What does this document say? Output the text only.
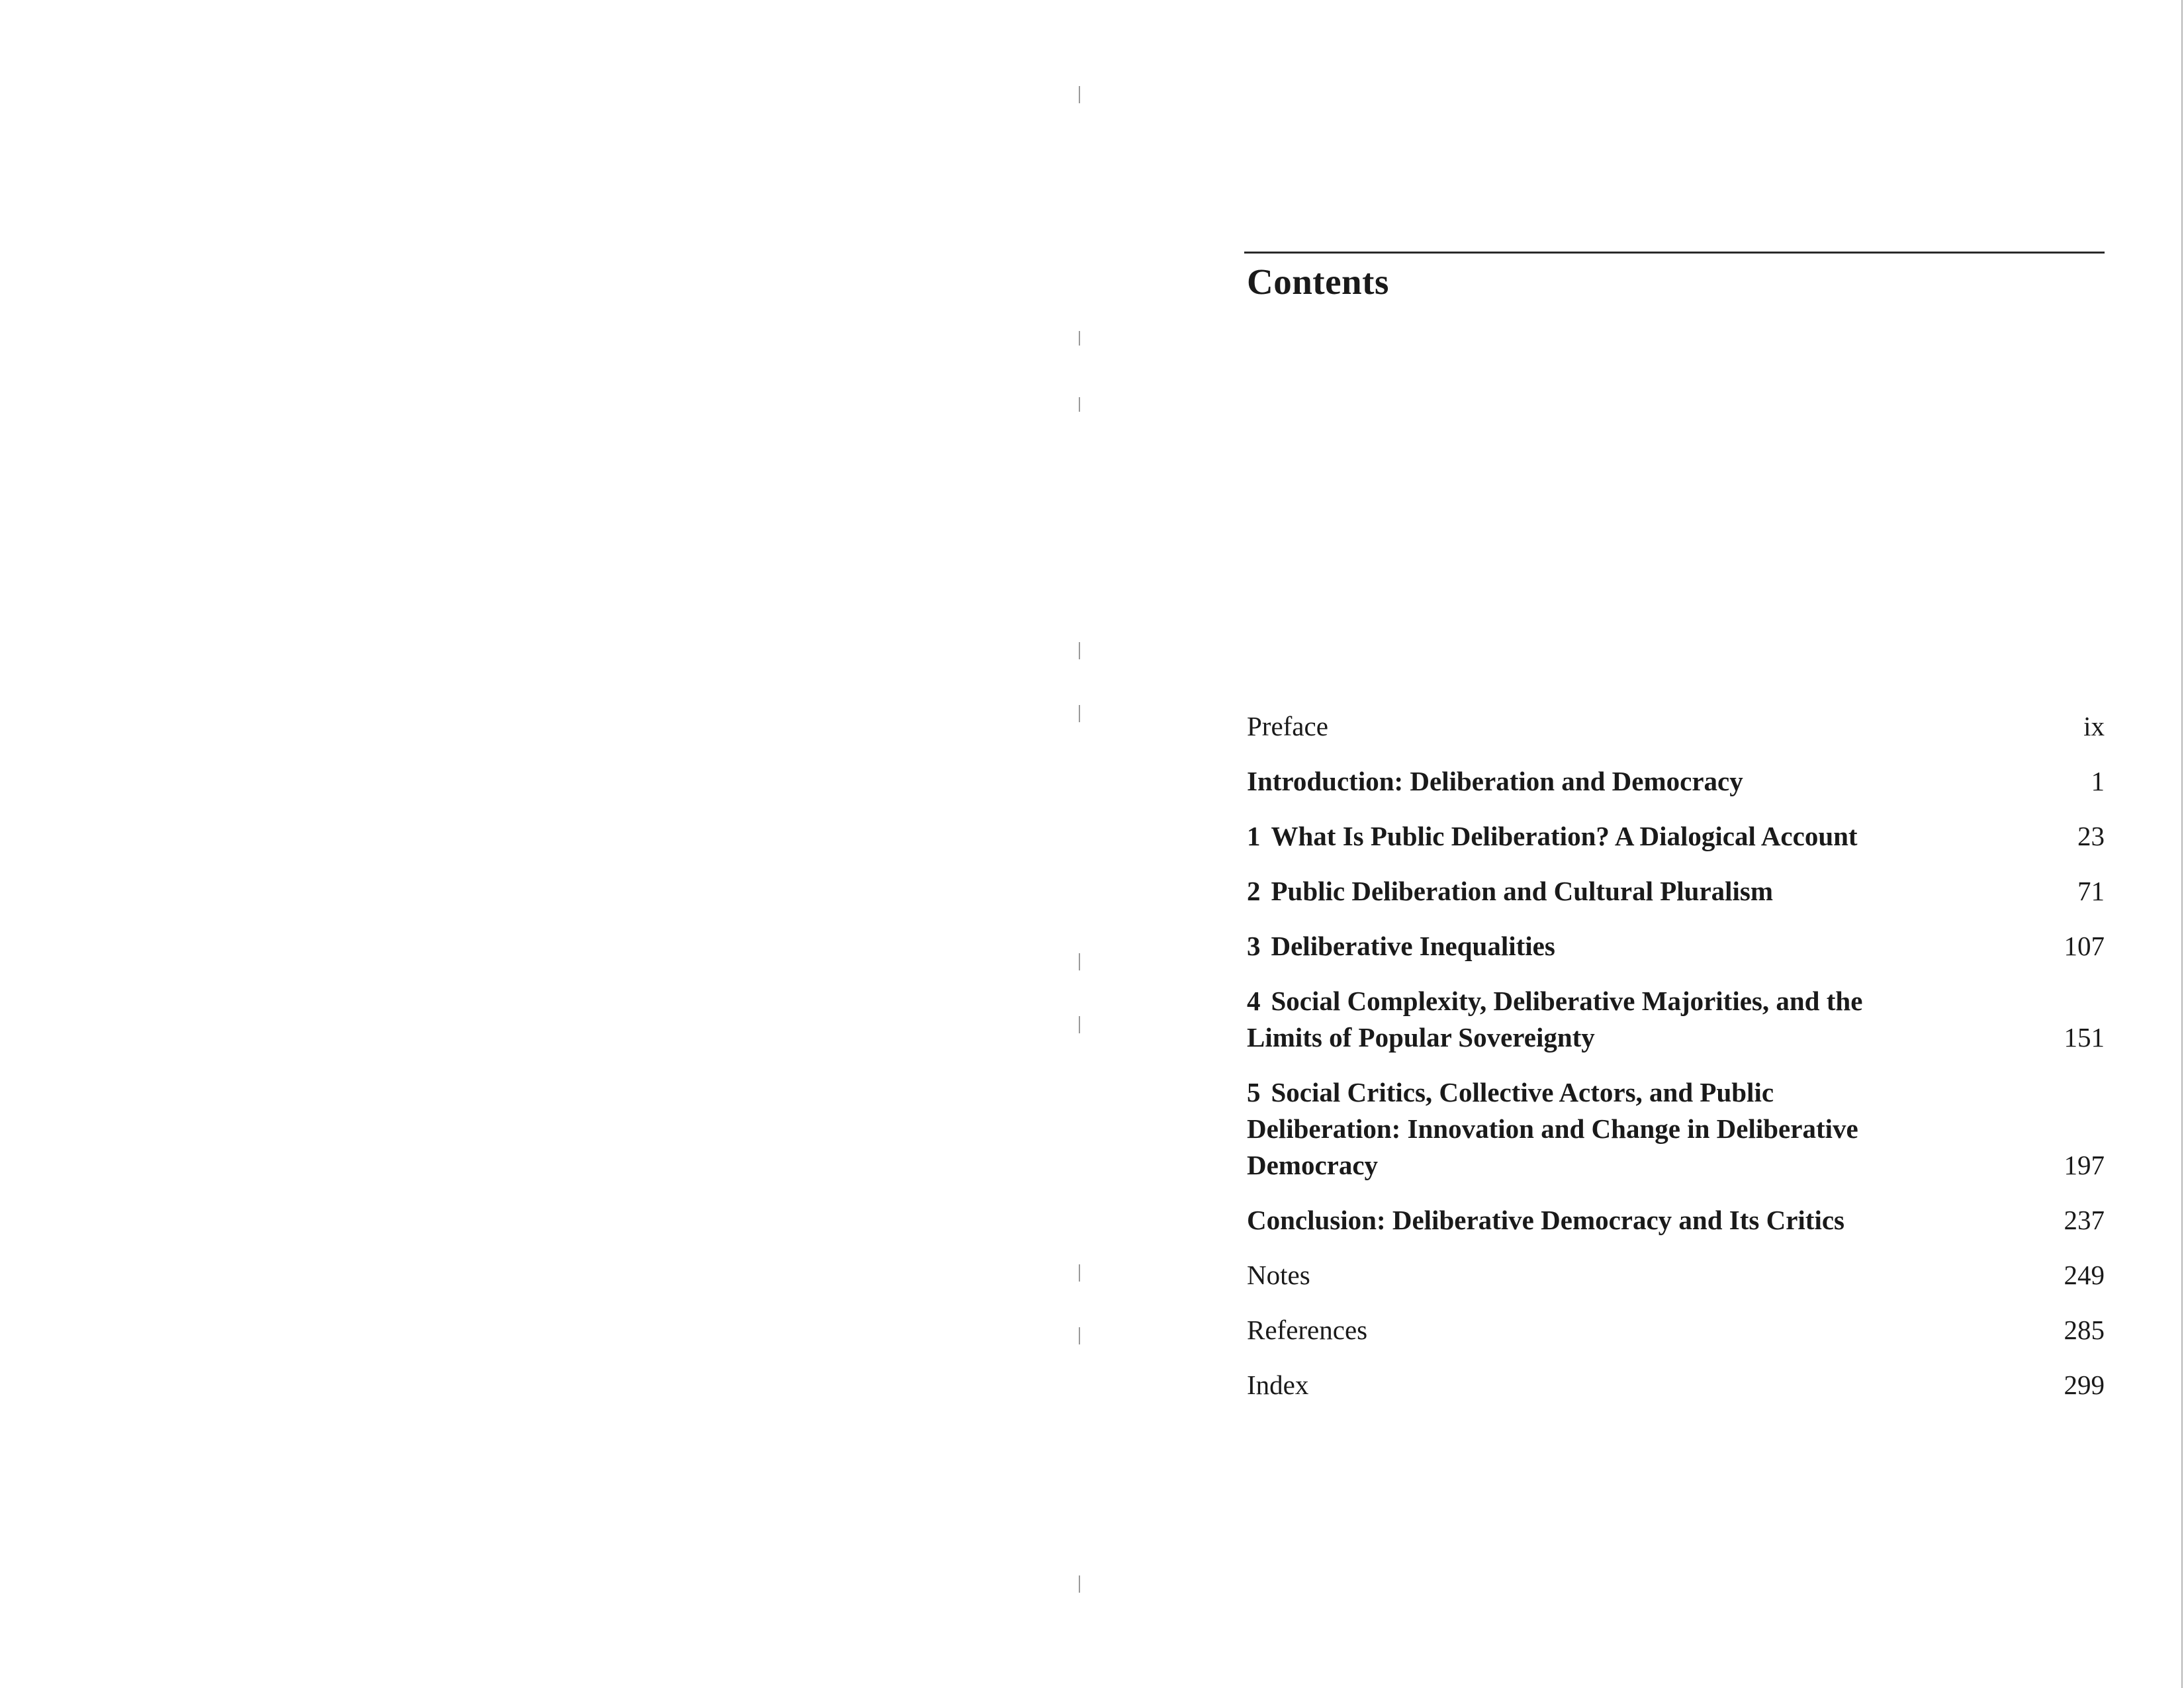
Contents
Preface	ix
Introduction: Deliberation and Democracy	1
1 What Is Public Deliberation? A Dialogical Account	23
2 Public Deliberation and Cultural Pluralism	71
3 Deliberative Inequalities	107
4 Social Complexity, Deliberative Majorities, and the Limits of Popular Sovereignty	151
5 Social Critics, Collective Actors, and Public Deliberation: Innovation and Change in Deliberative Democracy	197
Conclusion: Deliberative Democracy and Its Critics	237
Notes	249
References	285
Index	299
